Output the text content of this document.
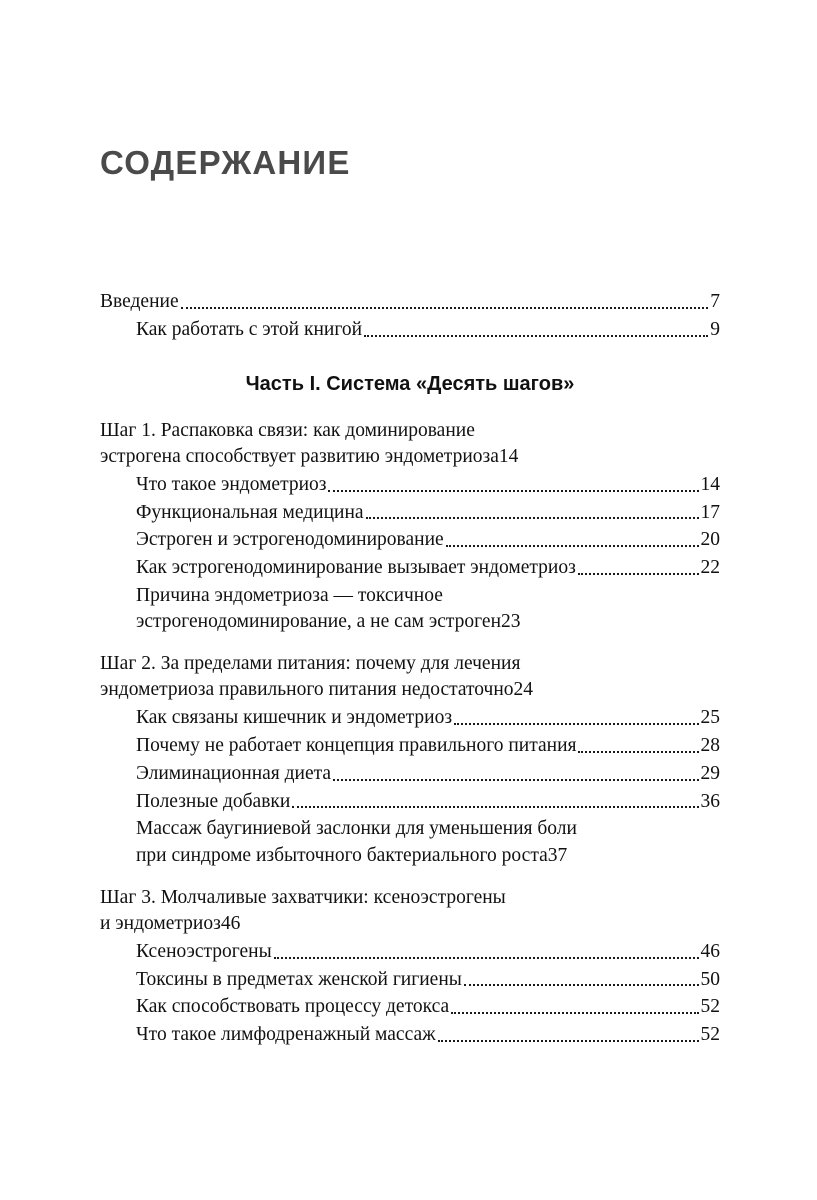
СОДЕРЖАНИЕ
Введение	7
Как работать с этой книгой	9
Часть I. Система «Десять шагов»
Шаг 1. Распаковка связи: как доминирование
эстрогена способствует развитию эндометриоза 14
Что такое эндометриоз	14
Функциональная медицина	17
Эстроген и эстрогенодоминирование	20
Как эстрогенодоминирование вызывает эндометриоз	22
Причина эндометриоза — токсичное
эстрогенодоминирование, а не сам эстроген 23
Шаг 2. За пределами питания: почему для лечения
эндометриоза правильного питания недостаточно 24
Как связаны кишечник и эндометриоз	25
Почему не работает концепция правильного питания	28
Элиминационная диета	29
Полезные добавки	36
Массаж баугиниевой заслонки для уменьшения боли
при синдроме избыточного бактериального роста 37
Шаг 3. Молчаливые захватчики: ксеноэстрогены
и эндометриоз 46
Ксеноэстрогены	46
Токсины в предметах женской гигиены	50
Как способствовать процессу детокса	52
Что такое лимфодренажный массаж	52
